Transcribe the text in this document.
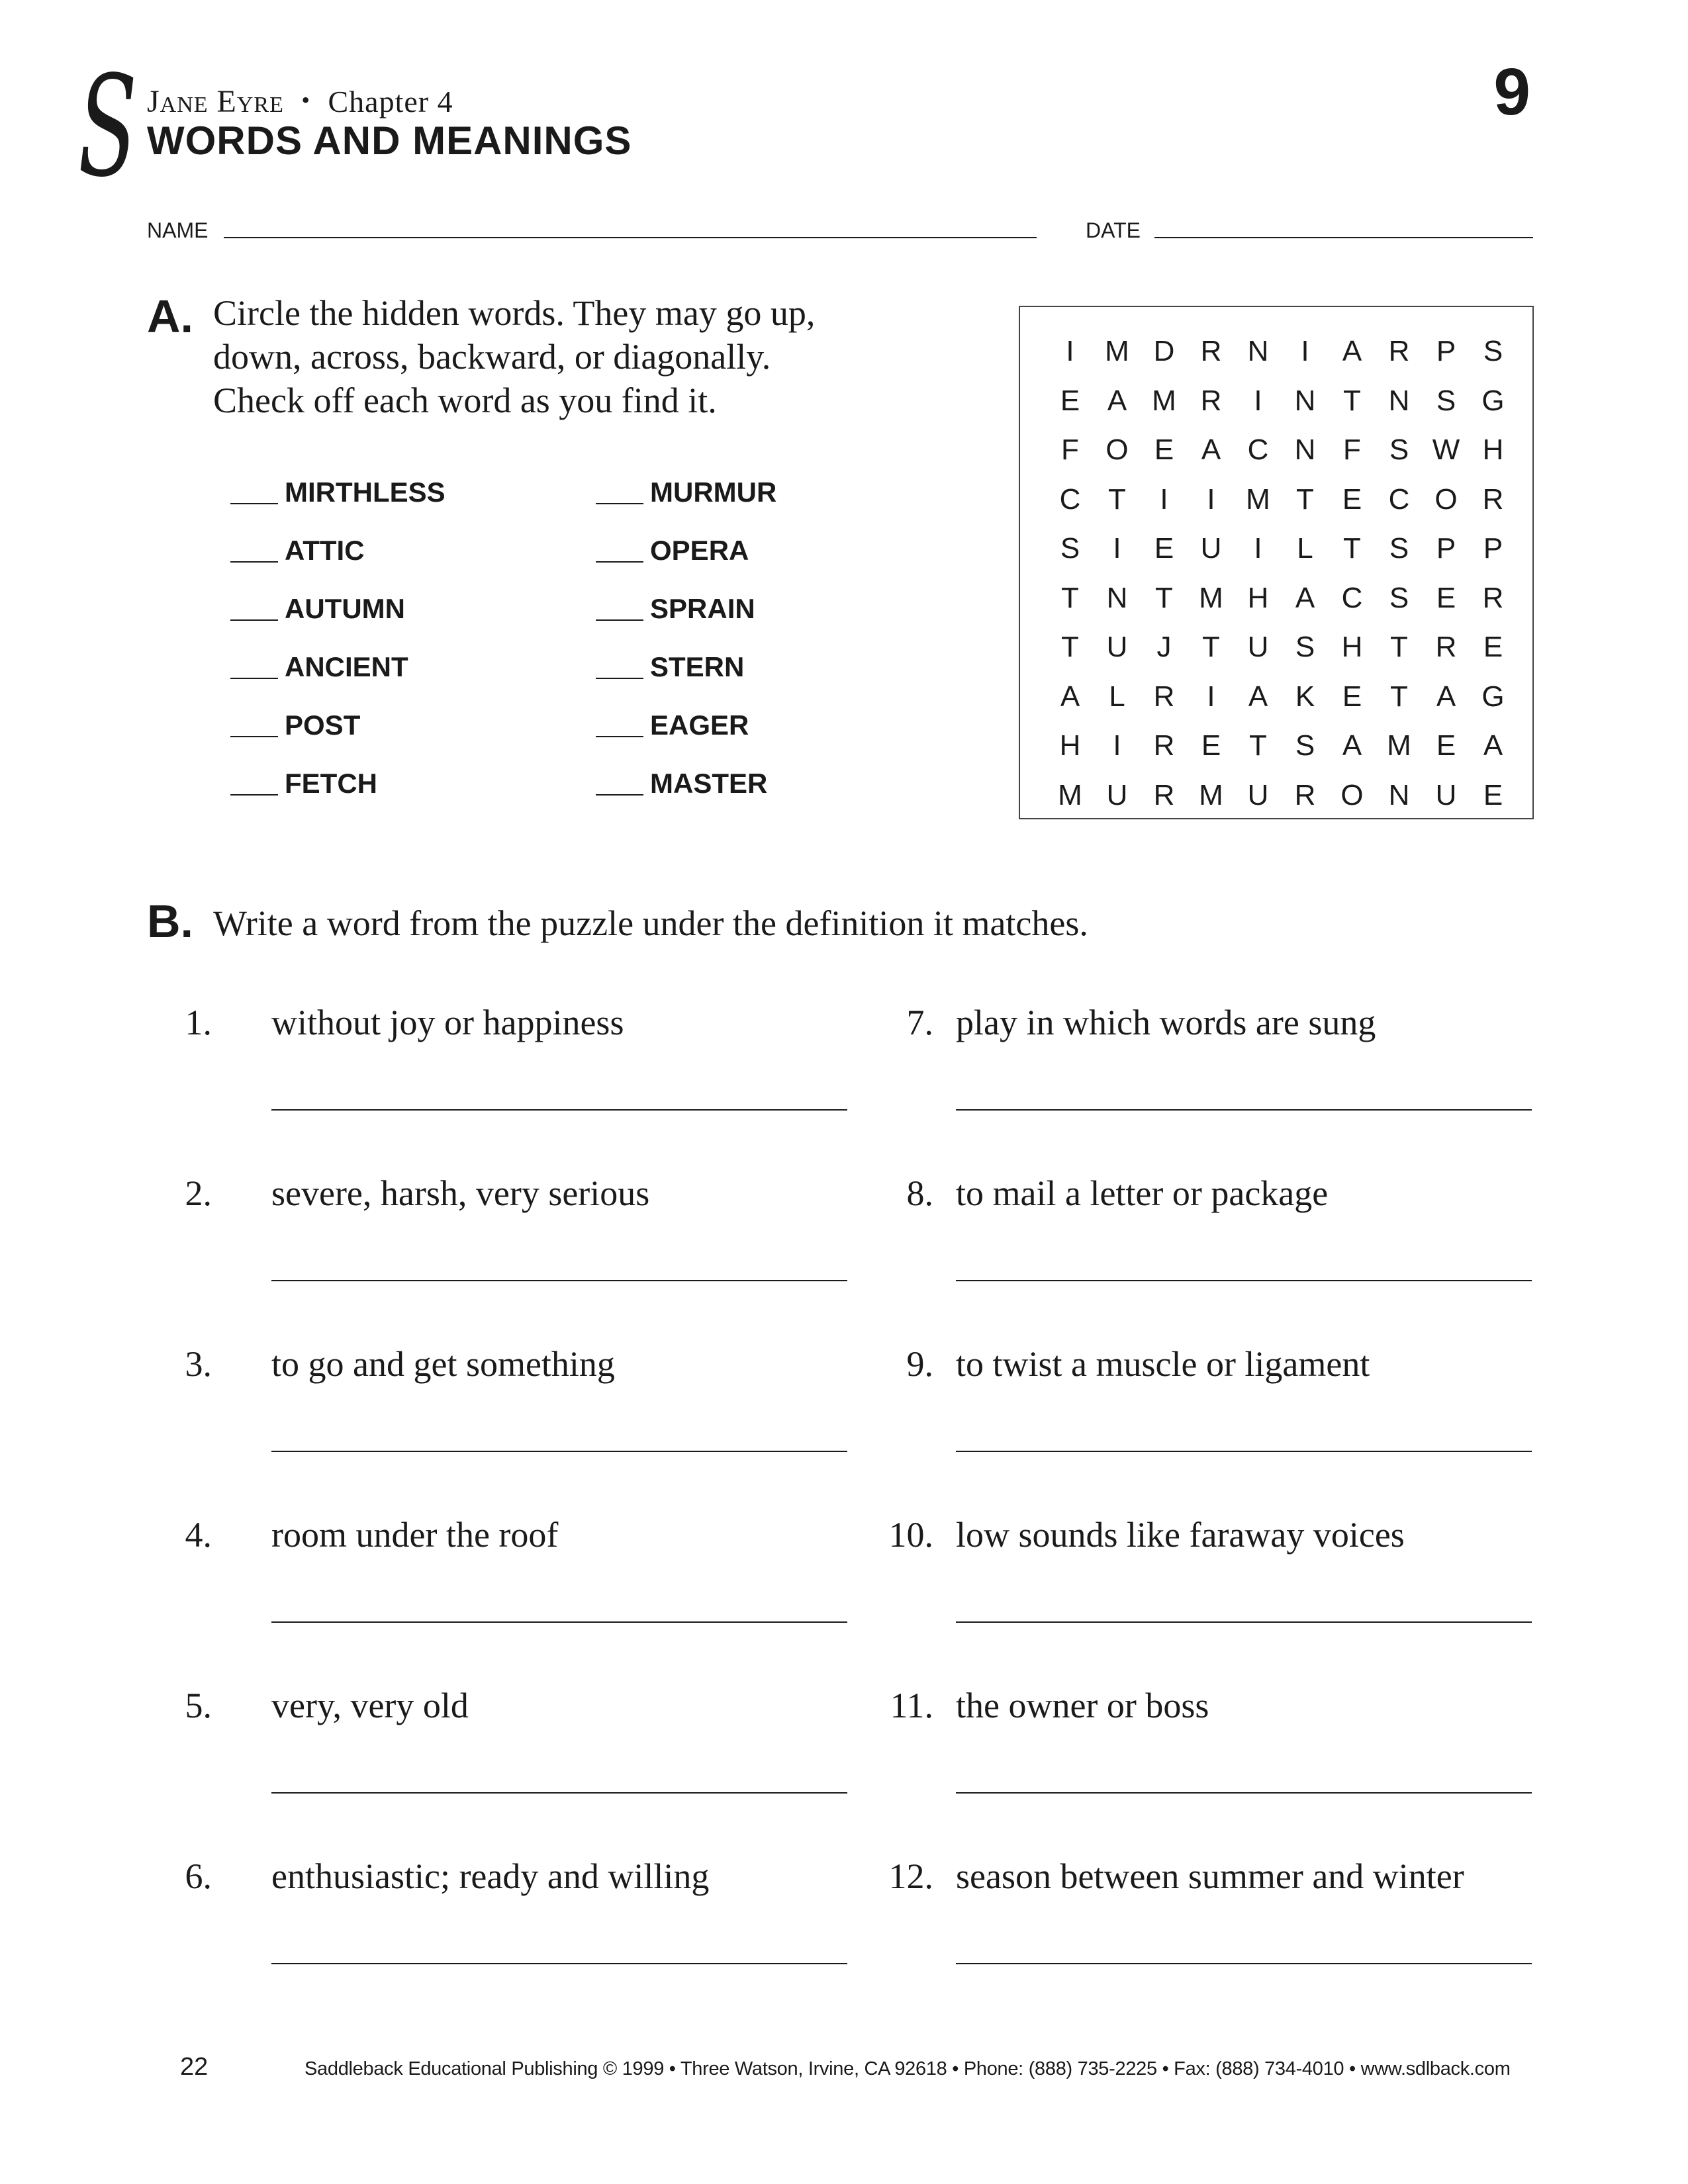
S Jane Eyre • Chapter 4
WORDS AND MEANINGS
9
NAME	DATE
A. Circle the hidden words. They may go up,
down, across, backward, or diagonally.
Check off each word as you find it.
MIRTHLESS
ATTIC
AUTUMN
ANCIENT
POST
FETCH
MURMUR
OPERA
SPRAIN
STERN
EAGER
MASTER
I	M D R N	I	A R P S
E A M R	I	N T N S G
F O E A C N F S W H
C T	I	I	M T E C O R
S	I	E U	I	L	T S P P
T N T M H A C S E R
T U	J	T U S H T R E
A	L R	I	A K E T A G
H	I	R E T S A M E A
M U R M U R O N U E
B. Write a word from the puzzle under the definition it matches.
1. without joy or happiness
2. severe, harsh, very serious
3. to go and get something
4. room under the roof
5. very, very old
6. enthusiastic; ready and willing
7. play in which words are sung
8. to mail a letter or package
9. to twist a muscle or ligament
10. low sounds like faraway voices
11. the owner or boss
12. season between summer and winter
22	Saddleback Educational Publishing © 1999 • Three Watson, Irvine, CA 92618 • Phone: (888) 735-2225 • Fax: (888) 734-4010 • www.sdlback.com
